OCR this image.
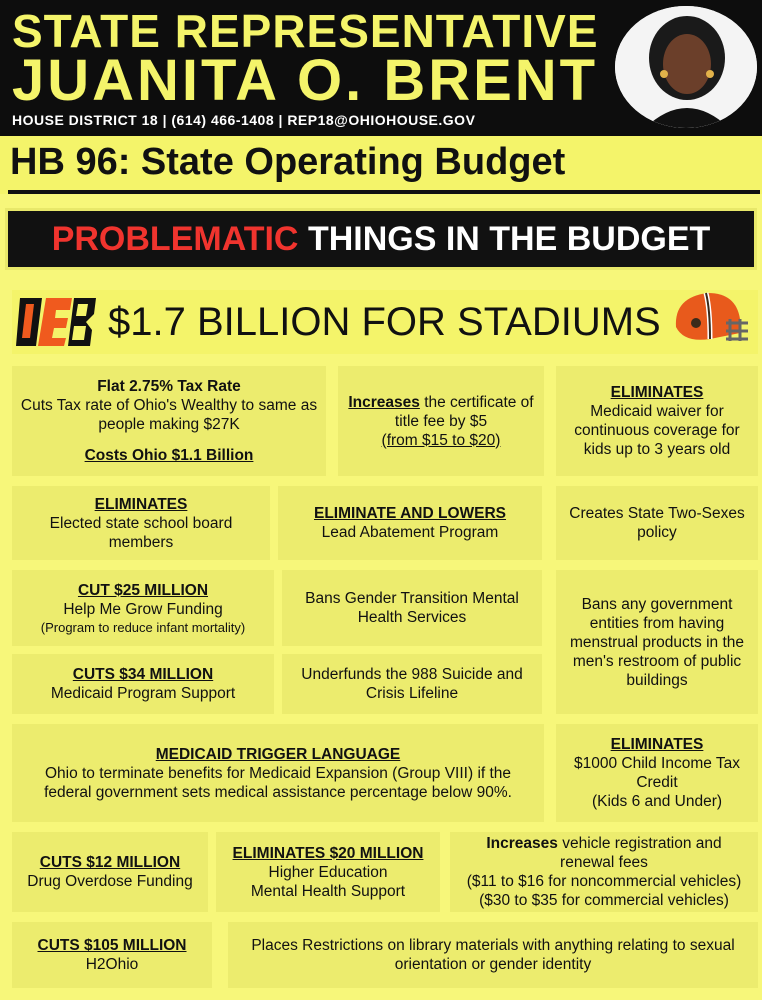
STATE REPRESENTATIVE
JUANITA O. BRENT
HOUSE DISTRICT 18 | (614) 466-1408 | REP18@OHIOHOUSE.GOV
HB 96: State Operating Budget
PROBLEMATIC THINGS IN THE BUDGET
$1.7 BILLION FOR STADIUMS
Flat 2.75% Tax Rate
Cuts Tax rate of Ohio's Wealthy to same as people making $27K
Costs Ohio $1.1 Billion
Increases the certificate of title fee by $5
(from $15 to $20)
ELIMINATES
Medicaid waiver for continuous coverage for kids up to 3 years old
ELIMINATES
Elected state school board members
ELIMINATE AND LOWERS
Lead Abatement Program
Creates State Two-Sexes policy
CUT $25 MILLION
Help Me Grow Funding
(Program to reduce infant mortality)
Bans Gender Transition Mental Health Services
Bans any government entities from having menstrual products in the men's restroom of public buildings
CUTS $34 MILLION
Medicaid Program Support
Underfunds the 988 Suicide and Crisis Lifeline
MEDICAID TRIGGER LANGUAGE
Ohio to terminate benefits for Medicaid Expansion (Group VIII) if the federal government sets medical assistance percentage below 90%.
ELIMINATES
$1000 Child Income Tax Credit
(Kids 6 and Under)
CUTS $12 MILLION
Drug Overdose Funding
ELIMINATES $20 MILLION
Higher Education
Mental Health Support
Increases vehicle registration and renewal fees
($11 to $16 for noncommercial vehicles)
($30 to $35 for commercial vehicles)
CUTS $105 MILLION
H2Ohio
Places Restrictions on library materials with anything relating to sexual orientation or gender identity
